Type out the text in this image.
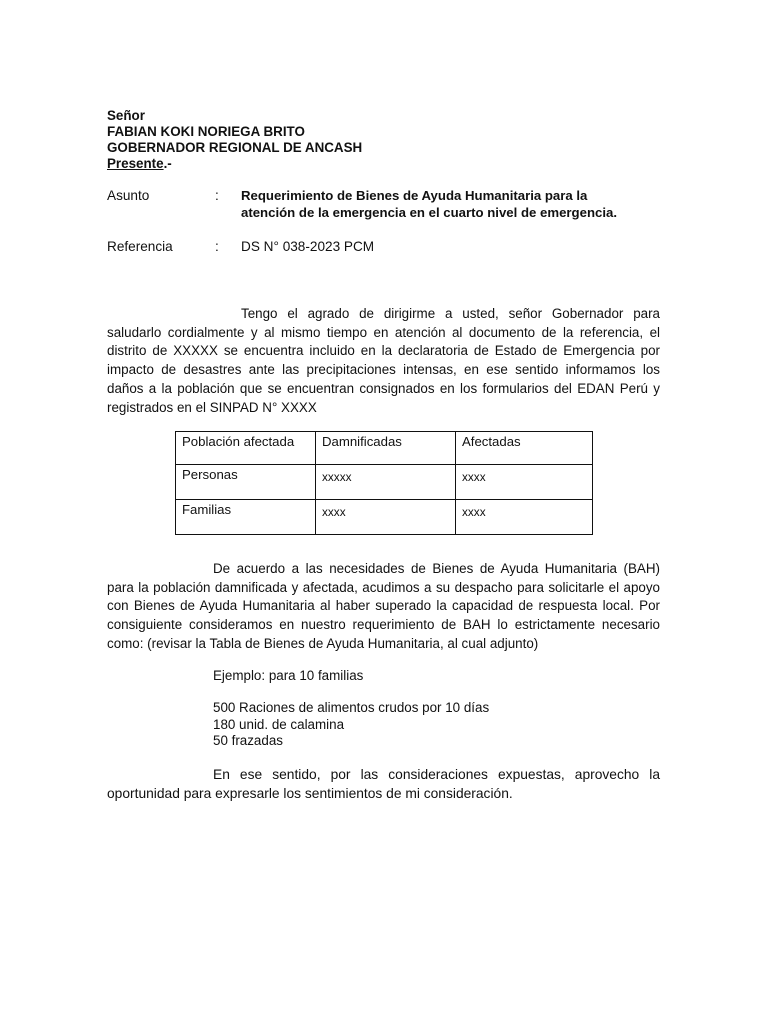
Señor
FABIAN KOKI NORIEGA BRITO
GOBERNADOR REGIONAL DE ANCASH
Presente.-
Asunto	: Requerimiento de Bienes de Ayuda Humanitaria para la
atención de la emergencia en el cuarto nivel de emergencia.
Referencia	: DS N° 038-2023 PCM
Tengo el agrado de dirigirme a usted, señor Gobernador para saludarlo cordialmente y al mismo tiempo en atención al documento de la referencia, el distrito de XXXXX se encuentra incluido en la declaratoria de Estado de Emergencia por impacto de desastres ante las precipitaciones intensas, en ese sentido informamos los daños a la población que se encuentran consignados en los formularios del EDAN Perú y registrados en el SINPAD N° XXXX
Población afectada	Damnificadas	Afectadas
Personas	xxxxx	xxxx
Familias	xxxx	xxxx
De acuerdo a las necesidades de Bienes de Ayuda Humanitaria (BAH) para la población damnificada y afectada, acudimos a su despacho para solicitarle el apoyo con Bienes de Ayuda Humanitaria al haber superado la capacidad de respuesta local. Por consiguiente consideramos en nuestro requerimiento de BAH lo estrictamente necesario como: (revisar la Tabla de Bienes de Ayuda Humanitaria, al cual adjunto)
Ejemplo: para 10 familias
500 Raciones de alimentos crudos por 10 días
180 unid. de calamina
50 frazadas
En ese sentido, por las consideraciones expuestas, aprovecho la oportunidad para expresarle los sentimientos de mi consideración.
